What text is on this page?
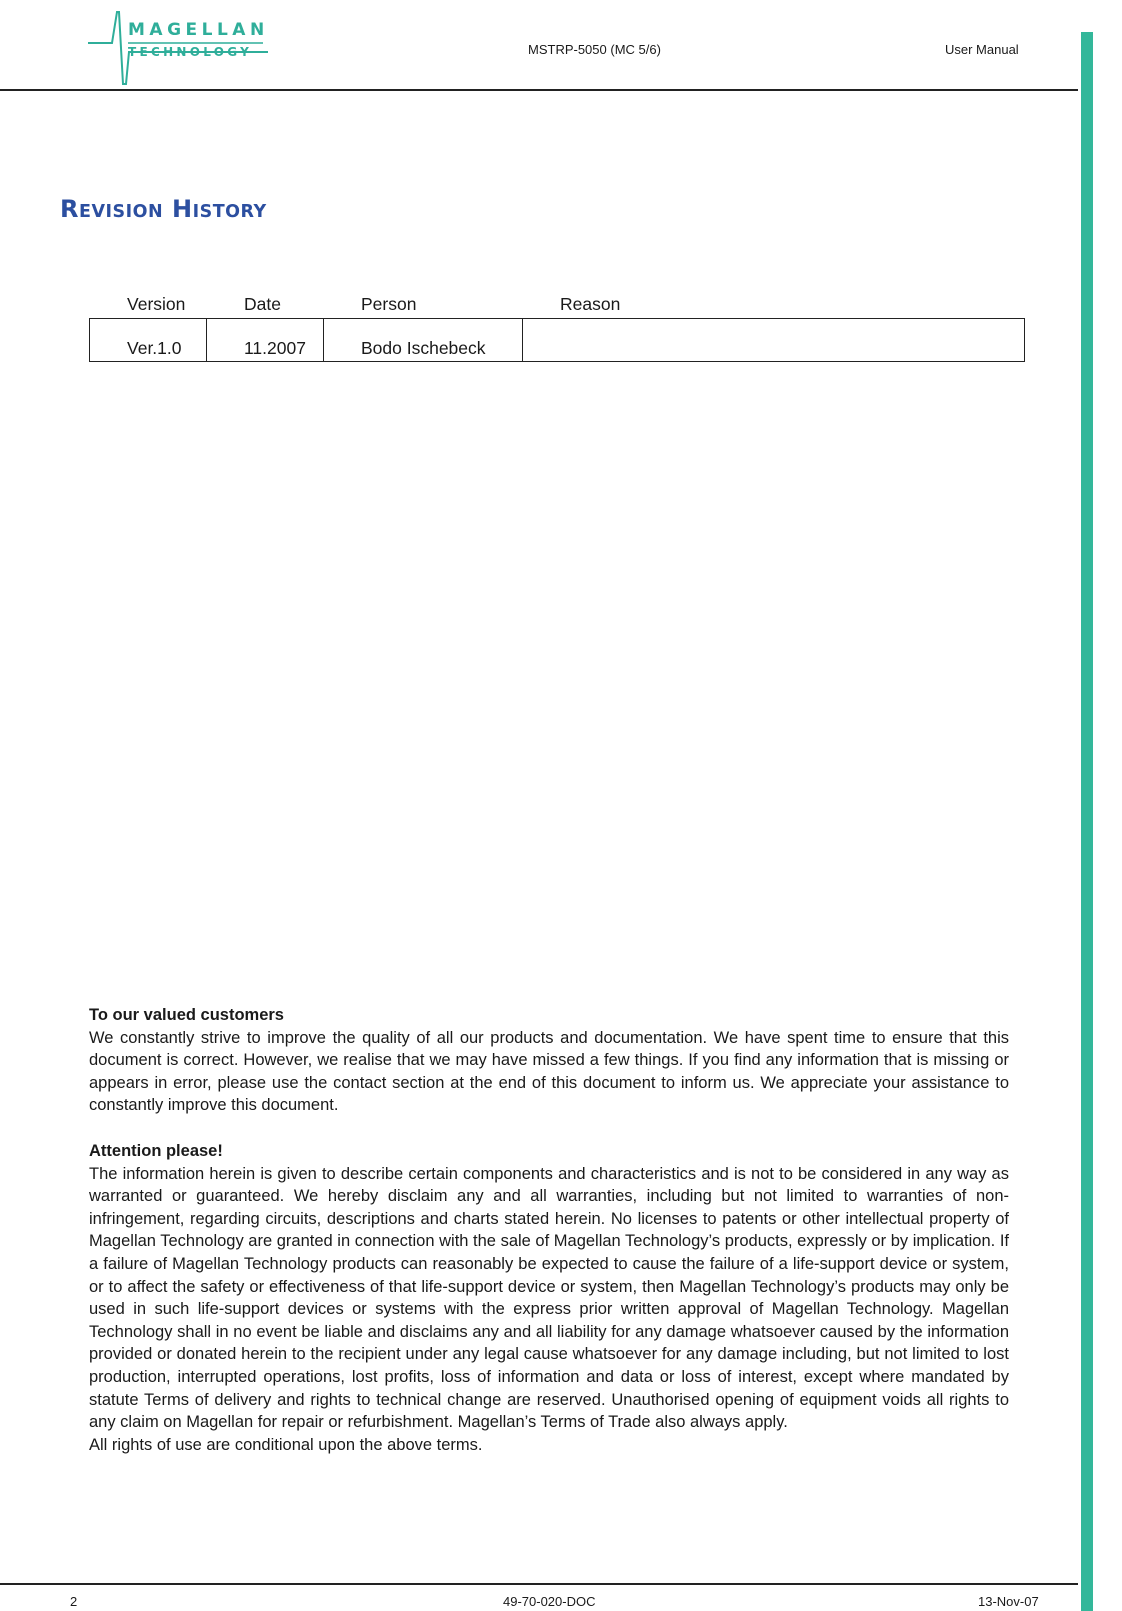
MAGELLAN
TECHNOLOGY	MSTRP-5050 (MC 5/6)	User Manual
REVISION HISTORY
Version	Date	Person	Reason
Ver.1.0	11.2007	Bodo Ischebeck
To our valued customers

We constantly strive to improve the quality of all our products and documentation. We have spent time to ensure that this document is correct. However, we realise that we may have missed a few things. If you find any information that is missing or appears in error, please use the contact section at the end of this document to inform us. We appreciate your assistance to constantly improve this document.

Attention please!

The information herein is given to describe certain components and characteristics and is not to be considered in any way as warranted or guaranteed. We hereby disclaim any and all warranties, including but not limited to warranties of non-infringement, regarding circuits, descriptions and charts stated herein. No licenses to patents or other intellectual property of Magellan Technology are granted in connection with the sale of Magellan Technology’s products, expressly or by implication. If a failure of Magellan Technology products can reasonably be expected to cause the failure of a life-support device or system, or to affect the safety or effectiveness of that life-support device or system, then Magellan Technology’s products may only be used in such life-support devices or systems with the express prior written approval of Magellan Technology. Magellan Technology shall in no event be liable and disclaims any and all liability for any damage whatsoever caused by the information provided or donated herein to the recipient under any legal cause whatsoever for any damage including, but not limited to lost production, interrupted operations, lost profits, loss of information and data or loss of interest, except where mandated by statute Terms of delivery and rights to technical change are reserved. Unauthorised opening of equipment voids all rights to any claim on Magellan for repair or refurbishment. Magellan’s Terms of Trade also always apply.

All rights of use are conditional upon the above terms.

2	49-70-020-DOC	13-Nov-07
